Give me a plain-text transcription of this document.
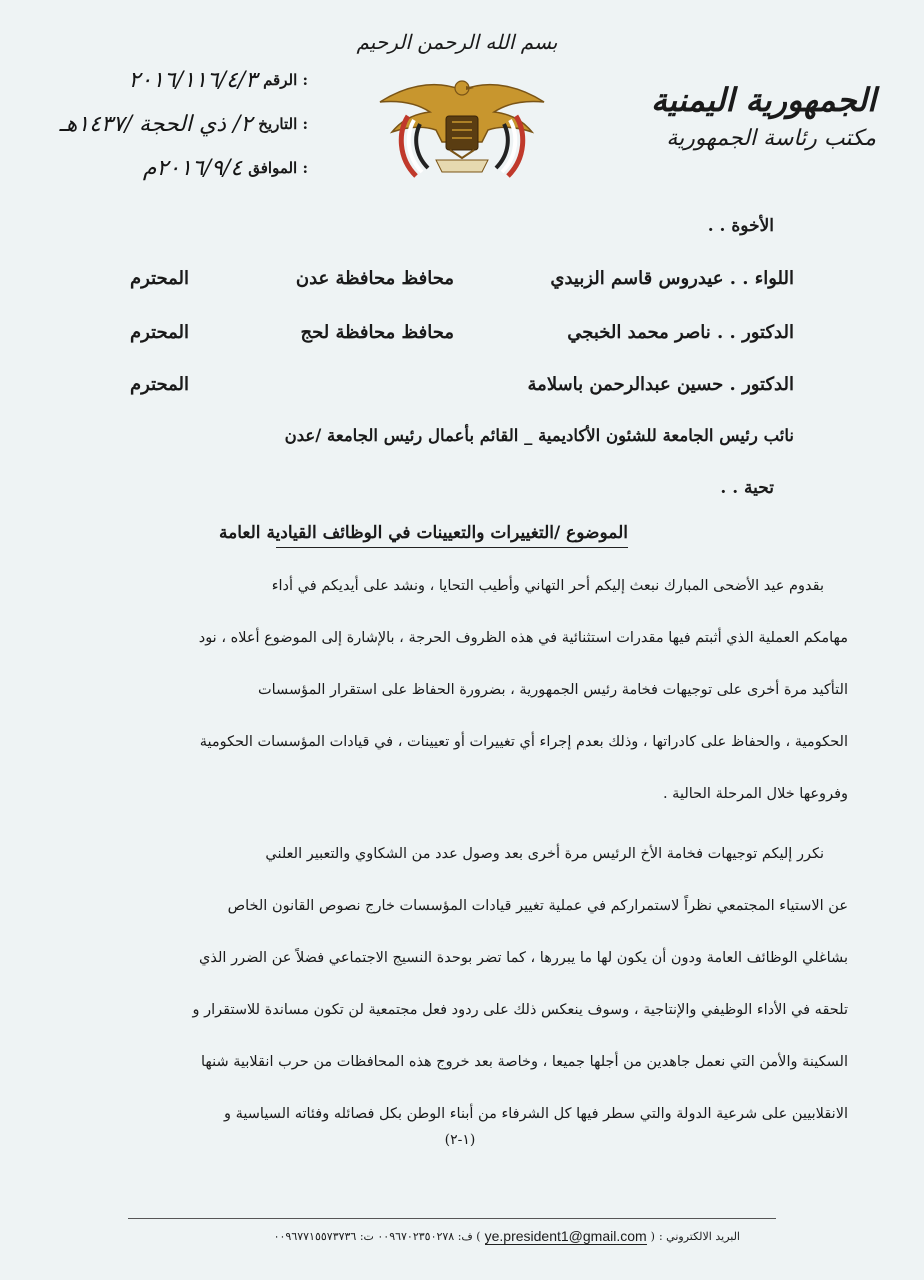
بسم الله الرحمن الرحيم
الجمهورية اليمنية
مكتب رئاسة الجمهورية
الرقم :
٢٠١٦/١١٦/٤/٣
التاريخ :
٢/ ذي الحجة /١٤٣٧هـ
الموافق :
٢٠١٦/٩/٤م
الأخوة . .
اللواء . . عيدروس قاسم الزبيدي
محافظ محافظة عدن
المحترم
الدكتور . . ناصر محمد الخبجي
محافظ محافظة لحج
المحترم
الدكتور . حسين عبدالرحمن باسلامة
المحترم
نائب رئيس الجامعة للشئون الأكاديمية _ القائم بأعمال رئيس الجامعة /عدن
تحية . .
الموضوع /التغييرات والتعيينات في الوظائف القيادية العامة
بقدوم عيد الأضحى المبارك نبعث إليكم أحر التهاني وأطيب التحايا ، ونشد على أيديكم في أداء
مهامكم العملية الذي أثبتم فيها مقدرات استثنائية في هذه الظروف الحرجة ، بالإشارة إلى الموضوع أعلاه ، نود
التأكيد مرة أخرى على توجيهات فخامة رئيس الجمهورية ، بضرورة الحفاظ على استقرار المؤسسات
الحكومية ، والحفاظ على كادراتها ، وذلك بعدم إجراء أي تغييرات أو تعيينات ، في قيادات المؤسسات الحكومية
وفروعها خلال المرحلة الحالية .
نكرر إليكم توجيهات فخامة الأخ الرئيس مرة أخرى بعد وصول عدد من الشكاوي والتعبير العلني
عن الاستياء المجتمعي نظراً لاستمراركم في عملية تغيير قيادات المؤسسات خارج نصوص القانون الخاص
بشاغلي الوظائف العامة ودون أن يكون لها ما يبررها ، كما تضر بوحدة النسيج الاجتماعي فضلاً عن الضرر الذي
تلحقه في الأداء الوظيفي والإنتاجية ، وسوف ينعكس ذلك على ردود فعل مجتمعية لن تكون مساندة للاستقرار و
السكينة والأمن التي نعمل جاهدين من أجلها جميعا ، وخاصة بعد خروج هذه المحافظات من حرب انقلابية شنها
الانقلابيين على شرعية الدولة والتي سطر فيها كل الشرفاء من أبناء الوطن بكل فصائله وفئاته السياسية و
(١-٢)
البريد الالكتروني :
(
ye.president1@gmail.com
) ف: ٠٠٩٦٧٠٢٣٥٠٢٧٨ ت: ٠٠٩٦٧٧١٥٥٧٣٧٣٦
